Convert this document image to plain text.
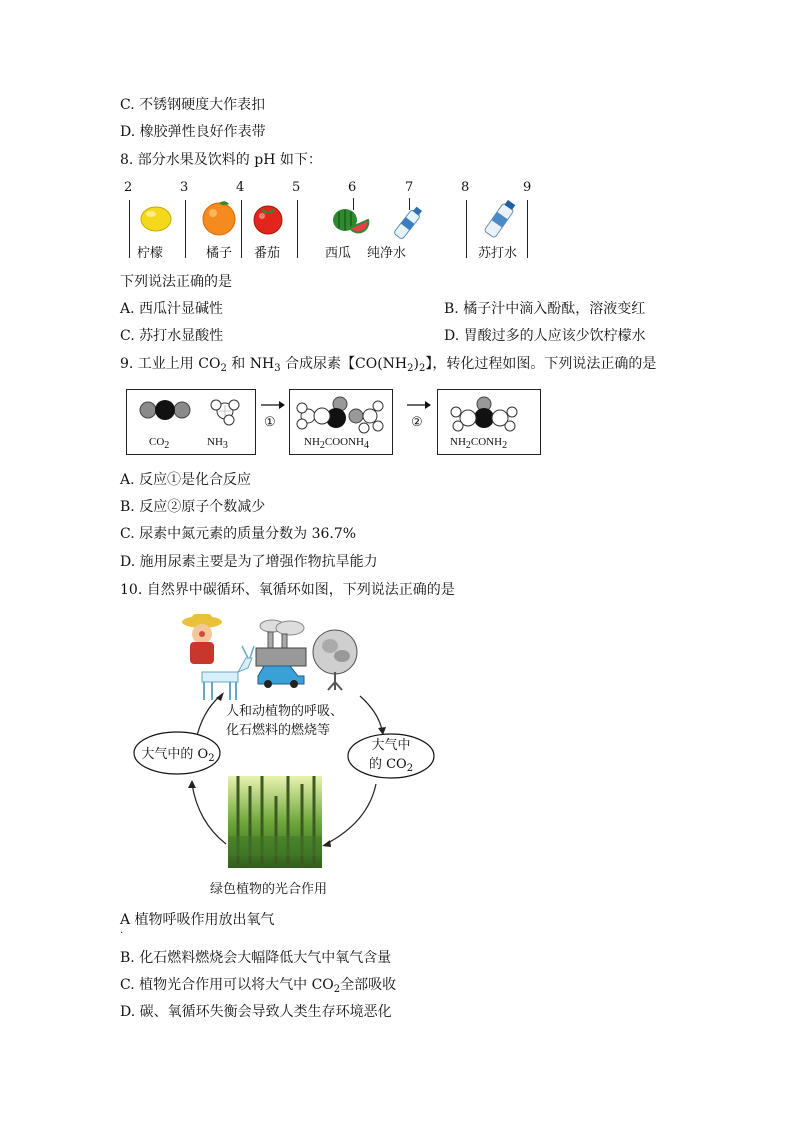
C. 不锈钢硬度大作表扣
D. 橡胶弹性良好作表带
8. 部分水果及饮料的 pH 如下：
2	3	4	5	6	7	8	9
柠檬	橘子 番茄	西瓜 纯净水	苏打水
下列说法正确的是
A. 西瓜汁显碱性	B. 橘子汁中滴入酚酞，溶液变红
C. 苏打水显酸性	D. 胃酸过多的人应该少饮柠檬水
9. 工业上用 $CO_2$ 和 $NH_3$ 合成尿素【$CO(NH_2)_2$】，转化过程如图。下列说法正确的是
$CO_2$	$NH_3$
①
$NH_2COONH_4$
②
$NH_2CONH_2$
A. 反应①是化合反应
B. 反应②原子个数减少
C. 尿素中氮元素的质量分数为 36.7%
D. 施用尿素主要是为了增强作物抗旱能力
10. 自然界中碳循环、氧循环如图，下列说法正确的是
人和动植物的呼吸、
化石燃料的燃烧等
大气中的 $O_2$
大气中
的 $CO_2$
绿色植物的光合作用
A 植物呼吸作用放出氧气
·
B. 化石燃料燃烧会大幅降低大气中氧气含量
C. 植物光合作用可以将大气中 $CO_2$全部吸收
D. 碳、氧循环失衡会导致人类生存环境恶化
